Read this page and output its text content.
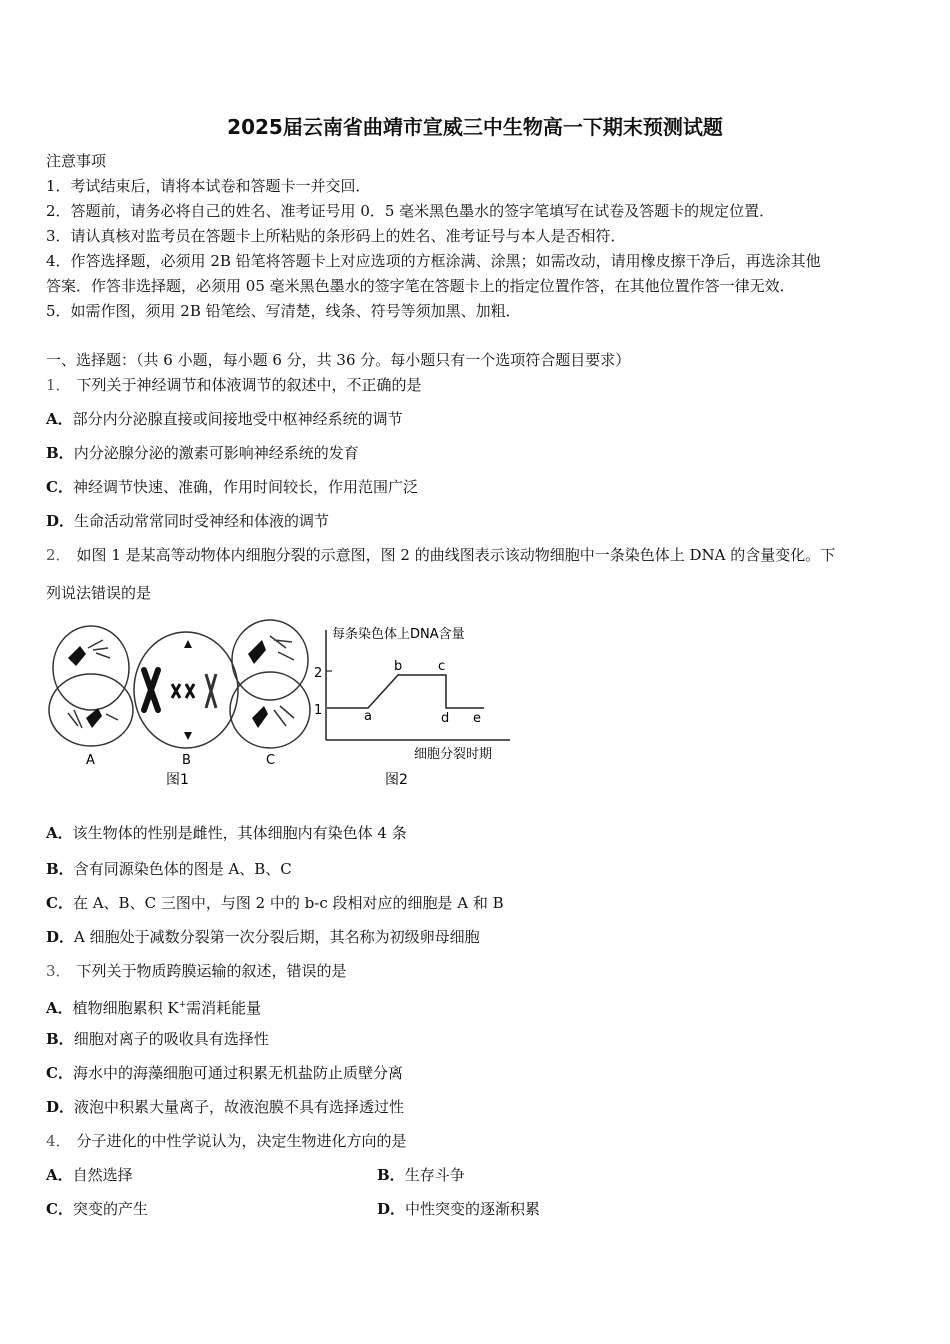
2025届云南省曲靖市宣威三中生物高一下期末预测试题
注意事项
1．考试结束后，请将本试卷和答题卡一并交回．
2．答题前，请务必将自己的姓名、准考证号用 0．5 毫米黑色墨水的签字笔填写在试卷及答题卡的规定位置．
3．请认真核对监考员在答题卡上所粘贴的条形码上的姓名、准考证号与本人是否相符．
4．作答选择题，必须用 2B 铅笔将答题卡上对应选项的方框涂满、涂黑；如需改动，请用橡皮擦干净后，再选涂其他
答案．作答非选择题，必须用 05 毫米黑色墨水的签字笔在答题卡上的指定位置作答，在其他位置作答一律无效．
5．如需作图，须用 2B 铅笔绘、写清楚，线条、符号等须加黑、加粗．
一、选择题：（共 6 小题，每小题 6 分，共 36 分。每小题只有一个选项符合题目要求）
1． 下列关于神经调节和体液调节的叙述中，不正确的是
A．部分内分泌腺直接或间接地受中枢神经系统的调节
B．内分泌腺分泌的激素可影响神经系统的发育
C．神经调节快速、准确，作用时间较长，作用范围广泛
D．生命活动常常同时受神经和体液的调节
2． 如图 1 是某高等动物体内细胞分裂的示意图，图 2 的曲线图表示该动物细胞中一条染色体上 DNA 的含量变化。下
列说法错误的是
A	B	C
图1
每条染色体上DNA含量
2
1	a
b	c
d e
细胞分裂时期
图2
A．该生物体的性别是雌性，其体细胞内有染色体 4 条
B．含有同源染色体的图是 A、B、C
C．在 A、B、C 三图中，与图 2 中的 b-c 段相对应的细胞是 A 和 B
D．A 细胞处于减数分裂第一次分裂后期，其名称为初级卵母细胞
3． 下列关于物质跨膜运输的叙述，错误的是
A．植物细胞累积 K+需消耗能量
B．细胞对离子的吸收具有选择性
C．海水中的海藻细胞可通过积累无机盐防止质壁分离
D．液泡中积累大量离子，故液泡膜不具有选择透过性
4． 分子进化的中性学说认为，决定生物进化方向的是
A．自然选择	B．生存斗争
C．突变的产生	D．中性突变的逐渐积累
